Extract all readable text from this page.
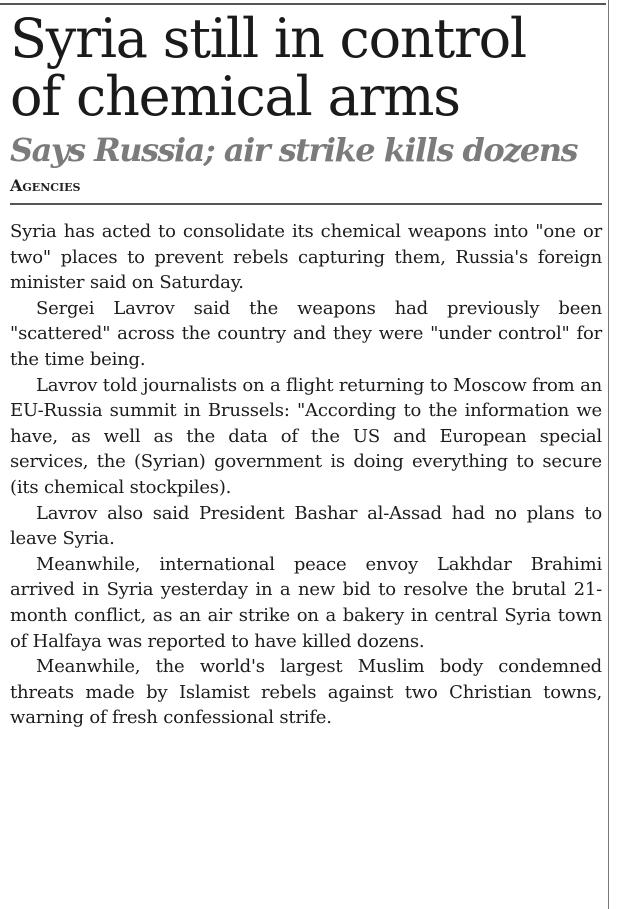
Syria still in control
of chemical arms
Says Russia; air strike kills dozens
Agencies

Syria has acted to consolidate its chemical weapons into "one or two" places to prevent rebels capturing them, Russia's foreign minister said on Saturday.

Sergei Lavrov said the weapons had previously been "scattered" across the country and they were "under control" for the time being.

Lavrov told journalists on a flight returning to Moscow from an EU-Russia summit in Brussels: "According to the information we have, as well as the data of the US and European special services, the (Syrian) government is doing everything to secure (its chemical stockpiles).

Lavrov also said President Bashar al-Assad had no plans to leave Syria.

Meanwhile, international peace envoy Lakhdar Brahimi arrived in Syria yesterday in a new bid to resolve the brutal 21-month conflict, as an air strike on a bakery in central Syria town of Halfaya was reported to have killed dozens.

Meanwhile, the world's largest Muslim body condemned threats made by Islamist rebels against two Christian towns, warning of fresh confessional strife.
